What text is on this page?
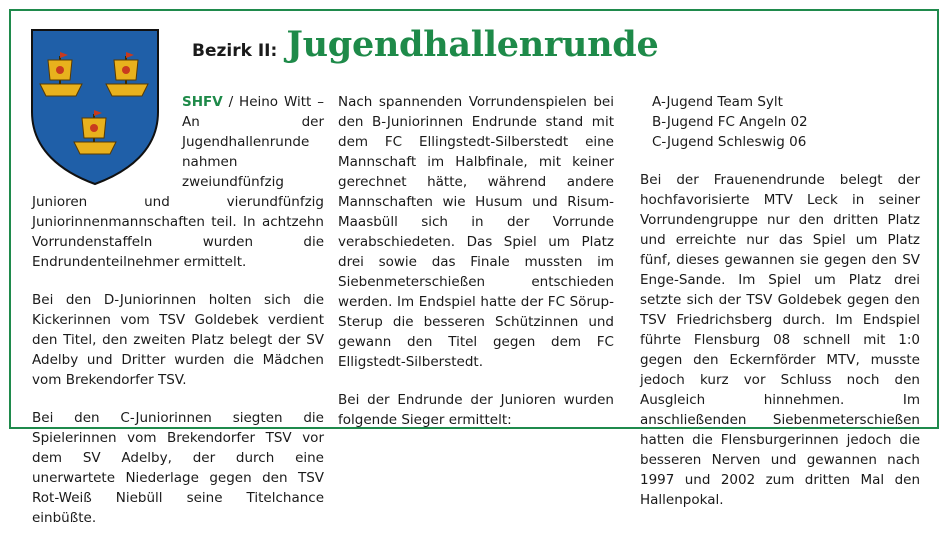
Bezirk II: Jugendhallenrunde

SHFV / Heino Witt – An der Jugendhallenrunde nahmen zweiundfünfzig Junioren und vierundfünfzig Juniorinnenmannschaften teil. In achtzehn Vorrundenstaffeln wurden die Endrundenteilnehmer ermittelt.

Bei den D-Juniorinnen holten sich die Kickerinnen vom TSV Goldebek verdient den Titel, den zweiten Platz belegt der SV Adelby und Dritter wurden die Mädchen vom Brekendorfer TSV.

Bei den C-Juniorinnen siegten die Spielerinnen vom Brekendorfer TSV vor dem SV Adelby, der durch eine unerwartete Niederlage gegen den TSV Rot-Weiß Niebüll seine Titelchance einbüßte.

Nach spannenden Vorrundenspielen bei den B-Juniorinnen Endrunde stand mit dem FC Ellingstedt-Silberstedt eine Mannschaft im Halbfinale, mit keiner gerechnet hätte, während andere Mannschaften wie Husum und Risum-Maasbüll sich in der Vorrunde verabschiedeten. Das Spiel um Platz drei sowie das Finale mussten im Siebenmeterschießen entschieden werden. Im Endspiel hatte der FC Sörup-Sterup die besseren Schützinnen und gewann den Titel gegen dem FC Elligstedt-Silberstedt.

Bei der Endrunde der Junioren wurden folgende Sieger ermittelt:

A-Jugend Team Sylt
B-Jugend FC Angeln 02
C-Jugend Schleswig 06

Bei der Frauenendrunde belegt der hochfavorisierte MTV Leck in seiner Vorrundengruppe nur den dritten Platz und erreichte nur das Spiel um Platz fünf, dieses gewannen sie gegen den SV Enge-Sande. Im Spiel um Platz drei setzte sich der TSV Goldebek gegen den TSV Friedrichsberg durch. Im Endspiel führte Flensburg 08 schnell mit 1:0 gegen den Eckernförder MTV, musste jedoch kurz vor Schluss noch den Ausgleich hinnehmen. Im anschließenden Siebenmeterschießen hatten die Flensburgerinnen jedoch die besseren Nerven und gewannen nach 1997 und 2002 zum dritten Mal den Hallenpokal.
